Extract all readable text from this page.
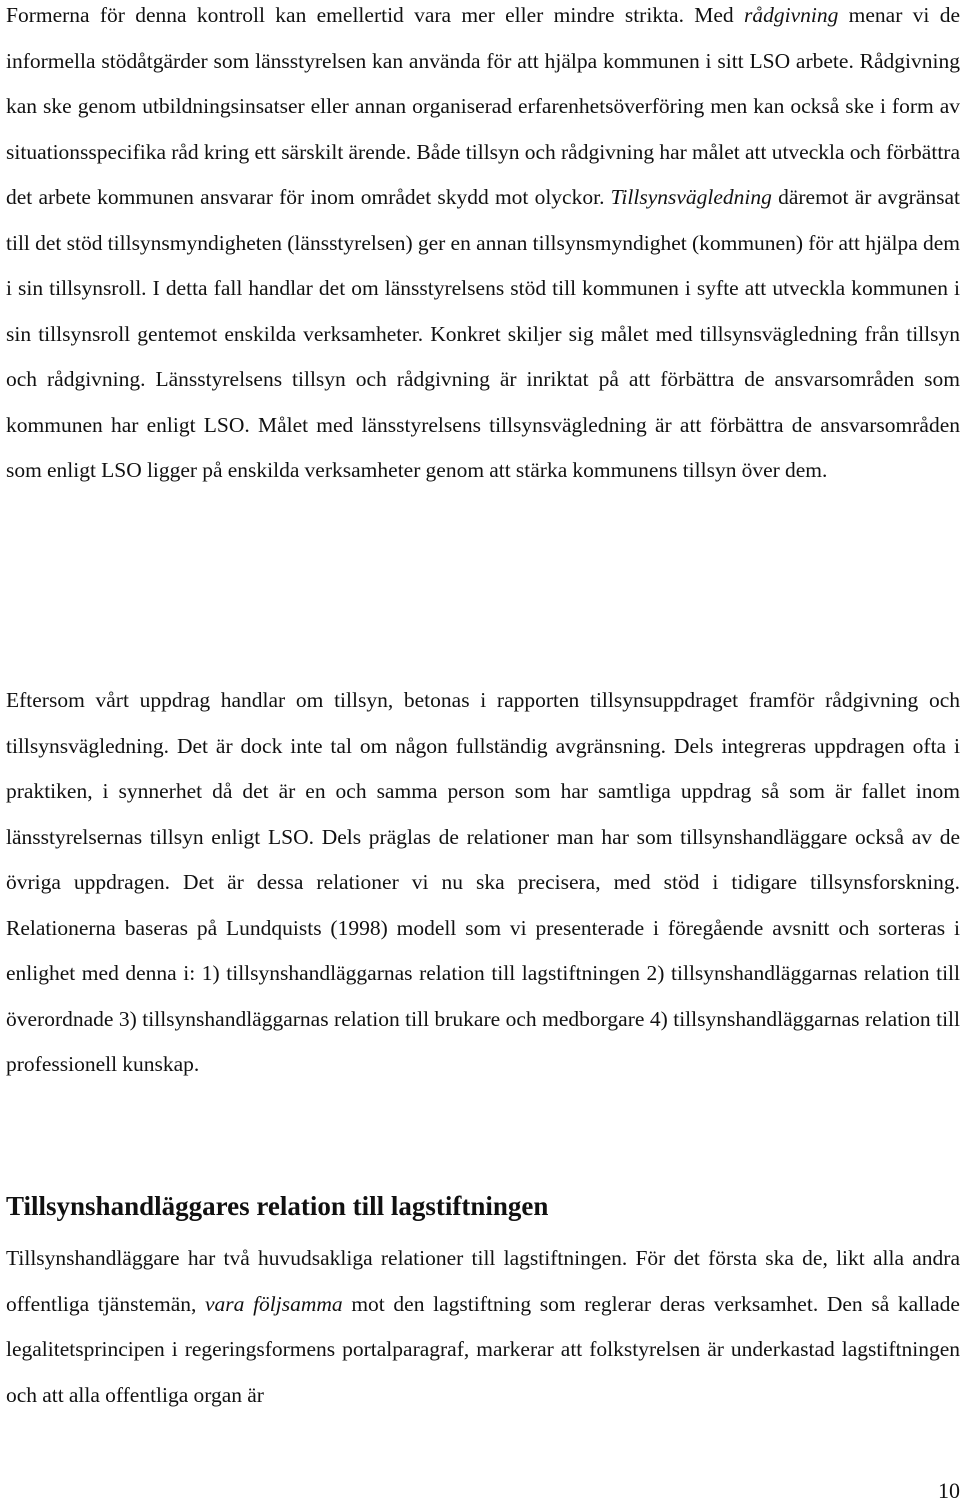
Formerna för denna kontroll kan emellertid vara mer eller mindre strikta. Med rådgivning menar vi de informella stödåtgärder som länsstyrelsen kan använda för att hjälpa kommunen i sitt LSO arbete. Rådgivning kan ske genom utbildningsinsatser eller annan organiserad erfarenhetsöverföring men kan också ske i form av situationsspecifika råd kring ett särskilt ärende. Både tillsyn och rådgivning har målet att utveckla och förbättra det arbete kommunen ansvarar för inom området skydd mot olyckor. Tillsynsvägledning däremot är avgränsat till det stöd tillsynsmyndigheten (länsstyrelsen) ger en annan tillsynsmyndighet (kommunen) för att hjälpa dem i sin tillsynsroll. I detta fall handlar det om länsstyrelsens stöd till kommunen i syfte att utveckla kommunen i sin tillsynsroll gentemot enskilda verksamheter. Konkret skiljer sig målet med tillsynsvägledning från tillsyn och rådgivning. Länsstyrelsens tillsyn och rådgivning är inriktat på att förbättra de ansvarsområden som kommunen har enligt LSO. Målet med länsstyrelsens tillsynsvägledning är att förbättra de ansvarsområden som enligt LSO ligger på enskilda verksamheter genom att stärka kommunens tillsyn över dem.

Eftersom vårt uppdrag handlar om tillsyn, betonas i rapporten tillsynsuppdraget framför rådgivning och tillsynsvägledning. Det är dock inte tal om någon fullständig avgränsning. Dels integreras uppdragen ofta i praktiken, i synnerhet då det är en och samma person som har samtliga uppdrag så som är fallet inom länsstyrelsernas tillsyn enligt LSO. Dels präglas de relationer man har som tillsynshandläggare också av de övriga uppdragen. Det är dessa relationer vi nu ska precisera, med stöd i tidigare tillsynsforskning. Relationerna baseras på Lundquists (1998) modell som vi presenterade i föregående avsnitt och sorteras i enlighet med denna i: 1) tillsynshandläggarnas relation till lagstiftningen 2) tillsynshandläggarnas relation till överordnade 3) tillsynshandläggarnas relation till brukare och medborgare 4) tillsynshandläggarnas relation till professionell kunskap.

Tillsynshandläggares relation till lagstiftningen

Tillsynshandläggare har två huvudsakliga relationer till lagstiftningen. För det första ska de, likt alla andra offentliga tjänstemän, vara följsamma mot den lagstiftning som reglerar deras verksamhet. Den så kallade legalitetsprincipen i regeringsformens portalparagraf, markerar att folkstyrelsen är underkastad lagstiftningen och att alla offentliga organ är

10
